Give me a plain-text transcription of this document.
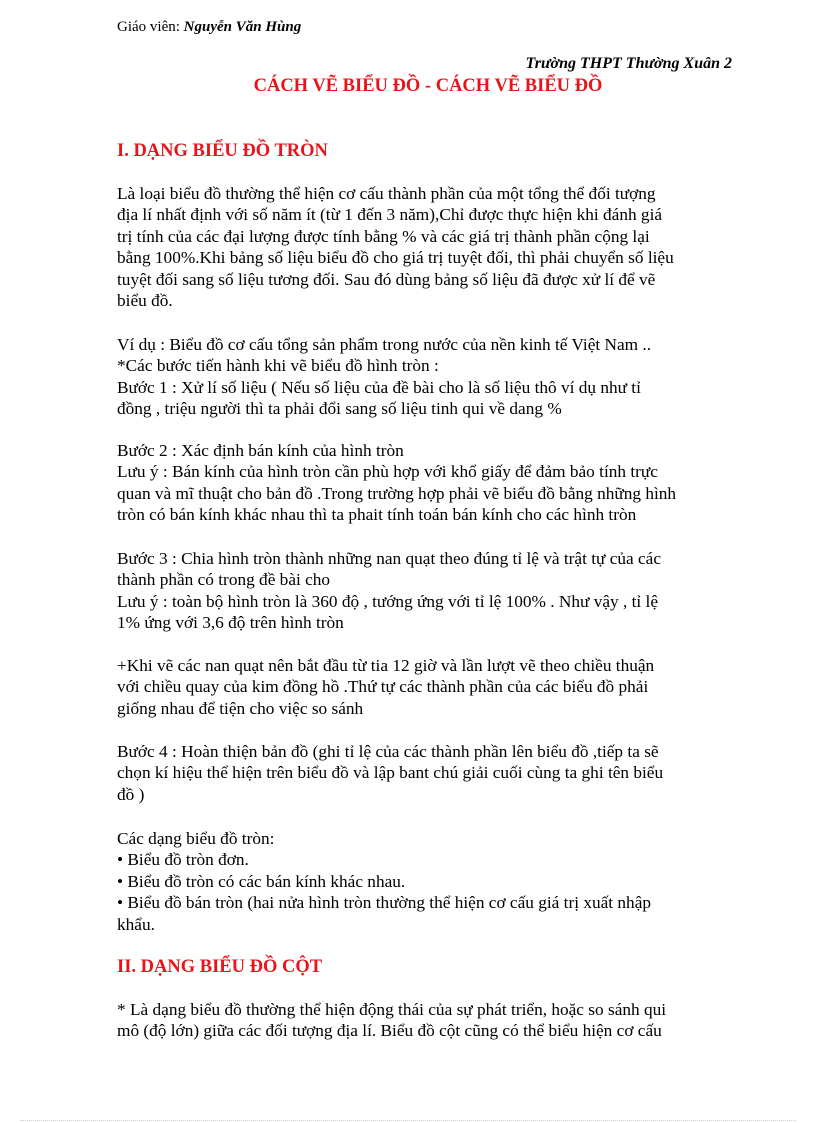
Giáo viên: Nguyễn Văn Hùng
Trường THPT Thường Xuân 2
CÁCH VẼ BIỂU ĐỒ - CÁCH VẼ BIỂU ĐỒ
I. DẠNG BIỂU ĐỒ TRÒN
Là loại biểu đồ thường thể hiện cơ cấu thành phần của một tổng thể đối tượng
địa lí nhất định với số năm ít (từ 1 đến 3 năm),Chỉ được thực hiện khi đánh giá
trị tính của các đại lượng được tính bằng % và các giá trị thành phần cộng lại
bằng 100%.Khi bảng số liệu biểu đồ cho giá trị tuyệt đối, thì phải chuyển số liệu
tuyệt đối sang số liệu tương đối. Sau đó dùng bảng số liệu đã được xử lí để vẽ
biểu đồ.
Ví dụ : Biểu đồ cơ cấu tổng sản phẩm trong nước của nền kinh tế Việt Nam ..
*Các bước tiến hành khi vẽ biểu đồ hình tròn :
Bước 1 : Xử lí số liệu ( Nếu số liệu của đề bài cho là số liệu thô ví dụ như tỉ
đồng , triệu người thì ta phải đổi sang số liệu tinh qui về dang %
Bước 2 : Xác định bán kính của hình tròn
Lưu ý : Bán kính của hình tròn cần phù hợp với khổ giấy để đảm bảo tính trực
quan và mĩ thuật cho bản đồ .Trong trường hợp phải vẽ biểu đồ bằng những hình
tròn có bán kính khác nhau thì ta phait tính toán bán kính cho các hình tròn
Bước 3 : Chia hình tròn thành những nan quạt theo đúng tỉ lệ và trật tự của các
thành phần có trong đề bài cho
Lưu ý : toàn bộ hình tròn là 360 độ , tướng ứng với tỉ lệ 100% . Như vậy , tỉ lệ
1% ứng với 3,6 độ trên hình tròn
+Khi vẽ các nan quạt nên bắt đầu từ tia 12 giờ và lần lượt vẽ theo chiều thuận
với chiều quay của kim đồng hồ .Thứ tự các thành phần của các biểu đồ phải
giống nhau để tiện cho việc so sánh
Bước 4 : Hoàn thiện bản đồ (ghi tỉ lệ của các thành phần lên biểu đồ ,tiếp ta sẽ
chọn kí hiệu thể hiện trên biểu đồ và lập bant chú giải cuối cùng ta ghi tên biểu
đồ )
Các dạng biểu đồ tròn:
• Biểu đồ tròn đơn.
• Biểu đồ tròn có các bán kính khác nhau.
• Biểu đồ bán tròn (hai nửa hình tròn thường thể hiện cơ cấu giá trị xuất nhập
khẩu.
II. DẠNG BIỂU ĐỒ CỘT
* Là dạng biểu đồ thường thể hiện động thái của sự phát triển, hoặc so sánh qui
mô (độ lớn) giữa các đối tượng địa lí. Biểu đồ cột cũng có thể biểu hiện cơ cấu
